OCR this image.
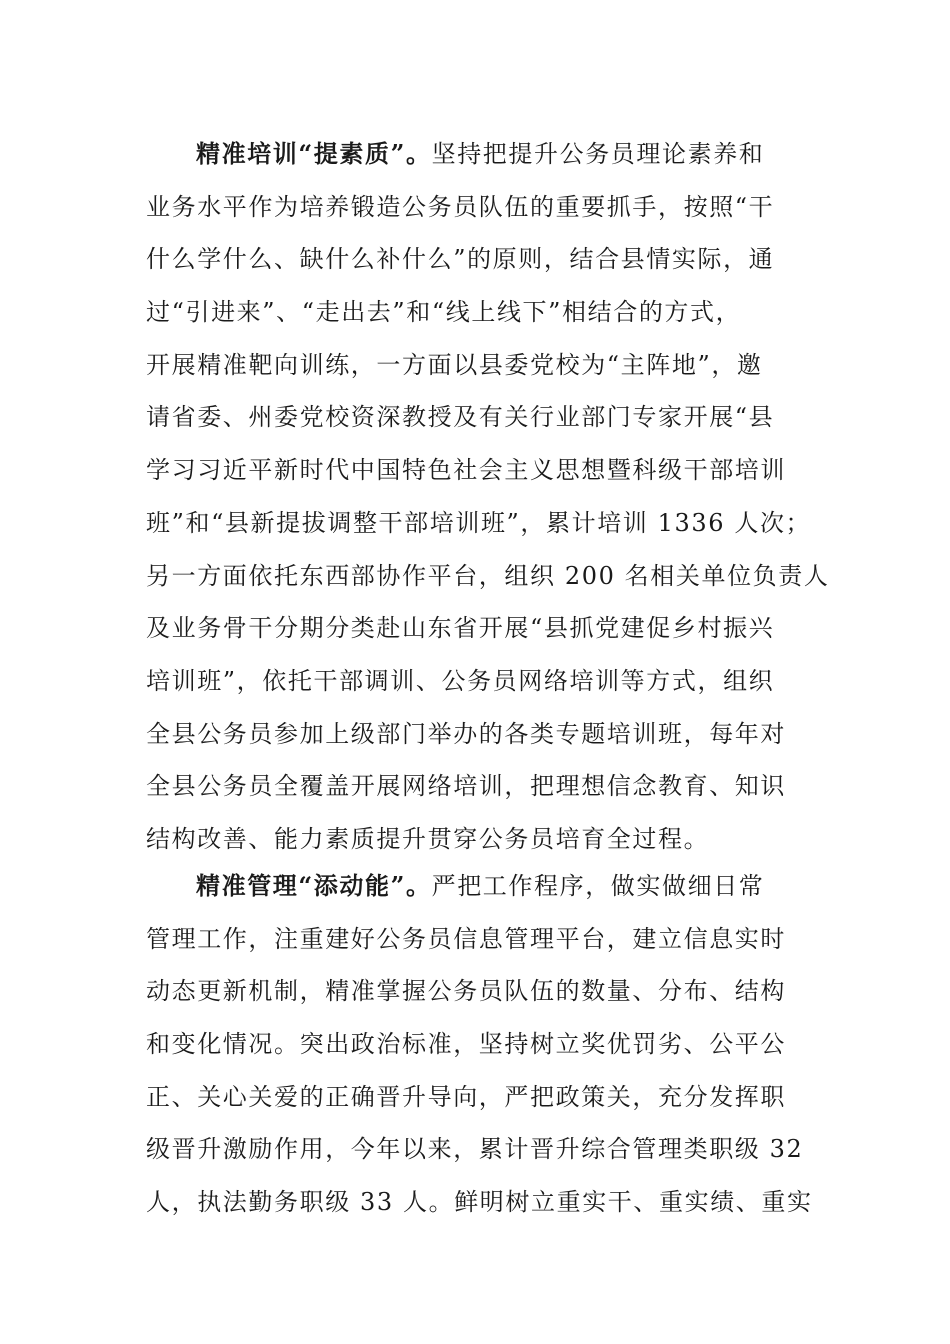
精准培训“提素质”。坚持把提升公务员理论素养和
业务水平作为培养锻造公务员队伍的重要抓手，按照“干
什么学什么、缺什么补什么”的原则，结合县情实际，通
过“引进来”、“走出去”和“线上线下”相结合的方式，
开展精准靶向训练，一方面以县委党校为“主阵地”，邀
请省委、州委党校资深教授及有关行业部门专家开展“县
学习习近平新时代中国特色社会主义思想暨科级干部培训
班”和“县新提拔调整干部培训班”，累计培训 1336 人次；
另一方面依托东西部协作平台，组织 200 名相关单位负责人
及业务骨干分期分类赴山东省开展“县抓党建促乡村振兴
培训班”，依托干部调训、公务员网络培训等方式，组织
全县公务员参加上级部门举办的各类专题培训班，每年对
全县公务员全覆盖开展网络培训，把理想信念教育、知识
结构改善、能力素质提升贯穿公务员培育全过程。
精准管理“添动能”。严把工作程序，做实做细日常
管理工作，注重建好公务员信息管理平台，建立信息实时
动态更新机制，精准掌握公务员队伍的数量、分布、结构
和变化情况。突出政治标准，坚持树立奖优罚劣、公平公
正、关心关爱的正确晋升导向，严把政策关，充分发挥职
级晋升激励作用，今年以来，累计晋升综合管理类职级 32
人，执法勤务职级 33 人。鲜明树立重实干、重实绩、重实
